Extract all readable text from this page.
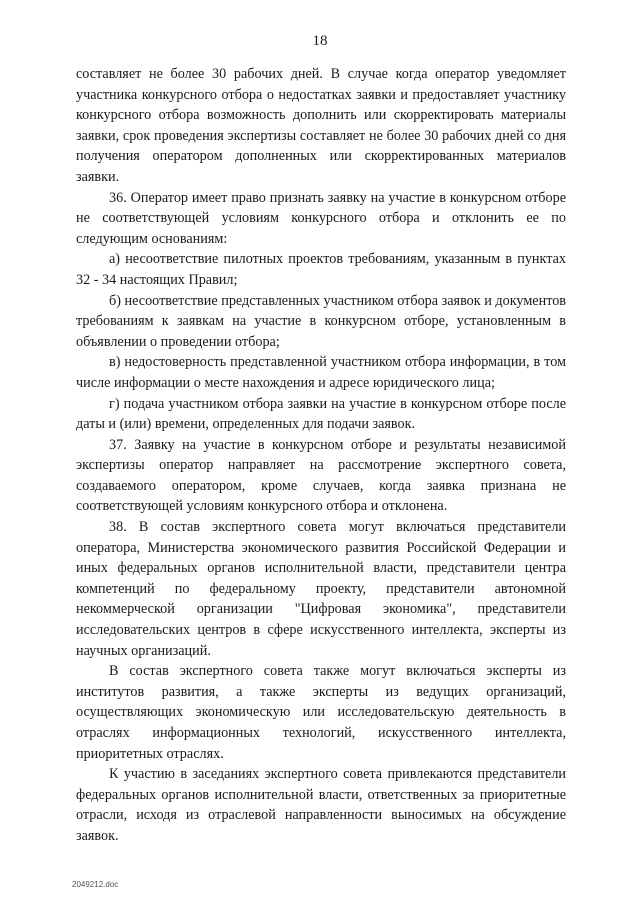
18

составляет не более 30 рабочих дней. В случае когда оператор уведомляет участника конкурсного отбора о недостатках заявки и предоставляет участнику конкурсного отбора возможность дополнить или скорректировать материалы заявки, срок проведения экспертизы составляет не более 30 рабочих дней со дня получения оператором дополненных или скорректированных материалов заявки.

36. Оператор имеет право признать заявку на участие в конкурсном отборе не соответствующей условиям конкурсного отбора и отклонить ее по следующим основаниям:

а) несоответствие пилотных проектов требованиям, указанным в пунктах 32 - 34 настоящих Правил;

б) несоответствие представленных участником отбора заявок и документов требованиям к заявкам на участие в конкурсном отборе, установленным в объявлении о проведении отбора;

в) недостоверность представленной участником отбора информации, в том числе информации о месте нахождения и адресе юридического лица;

г) подача участником отбора заявки на участие в конкурсном отборе после даты и (или) времени, определенных для подачи заявок.

37. Заявку на участие в конкурсном отборе и результаты независимой экспертизы оператор направляет на рассмотрение экспертного совета, создаваемого оператором, кроме случаев, когда заявка признана не соответствующей условиям конкурсного отбора и отклонена.

38. В состав экспертного совета могут включаться представители оператора, Министерства экономического развития Российской Федерации и иных федеральных органов исполнительной власти, представители центра компетенций по федеральному проекту, представители автономной некоммерческой организации "Цифровая экономика", представители исследовательских центров в сфере искусственного интеллекта, эксперты из научных организаций.

В состав экспертного совета также могут включаться эксперты из институтов развития, а также эксперты из ведущих организаций, осуществляющих экономическую или исследовательскую деятельность в отраслях информационных технологий, искусственного интеллекта, приоритетных отраслях.

К участию в заседаниях экспертного совета привлекаются представители федеральных органов исполнительной власти, ответственных за приоритетные отрасли, исходя из отраслевой направленности выносимых на обсуждение заявок.

2049212.doc
